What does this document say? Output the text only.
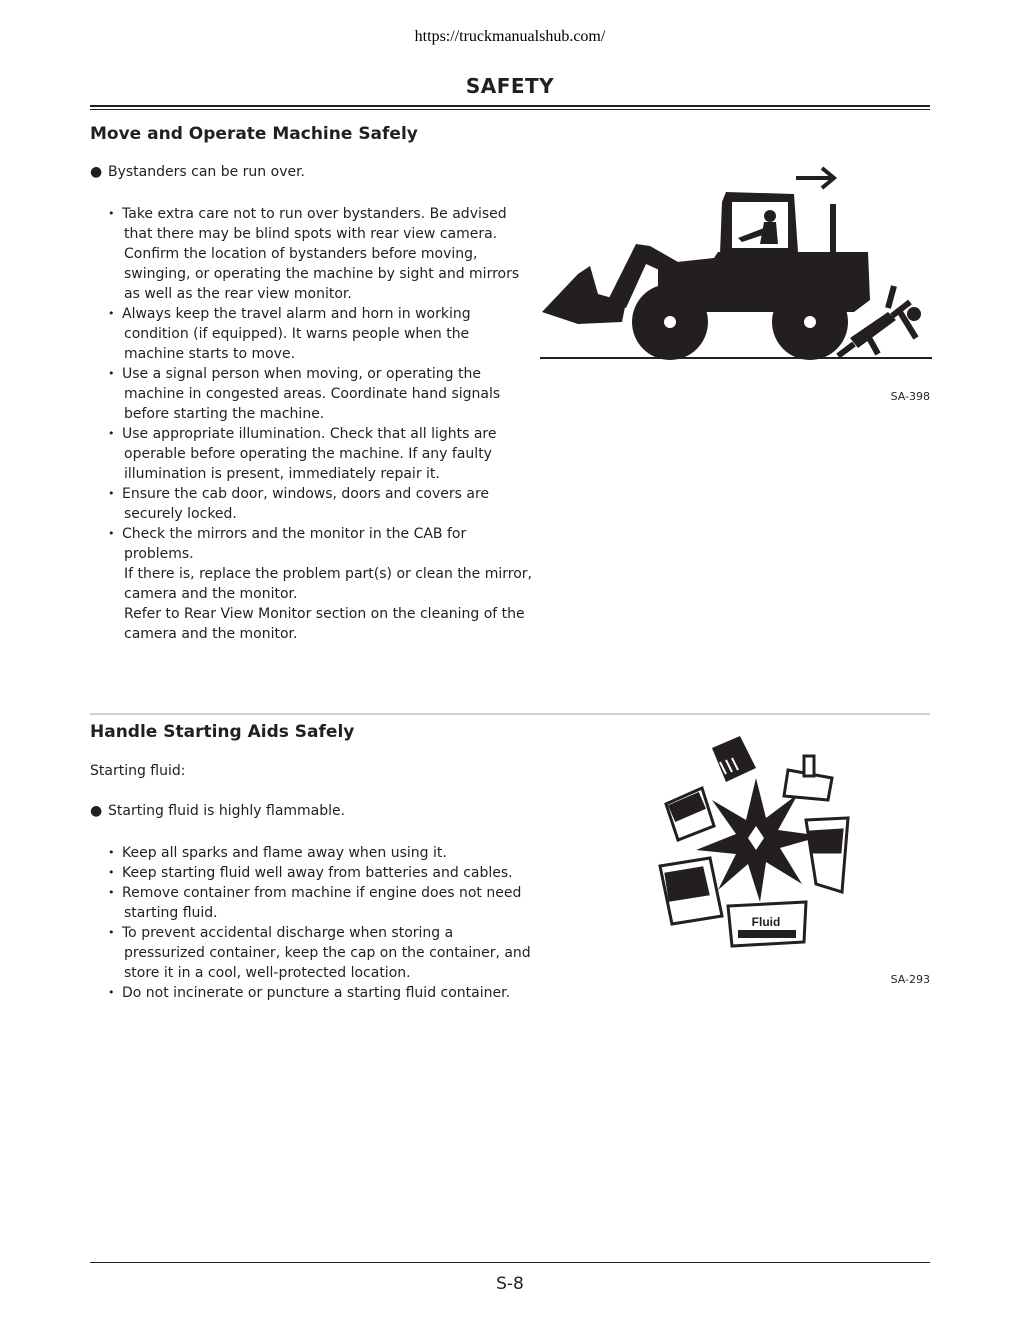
https://truckmanualshub.com/
SAFETY
Move and Operate Machine Safely
● Bystanders can be run over.
• Take extra care not to run over bystanders. Be advised
that there may be blind spots with rear view camera.
Confirm the location of bystanders before moving,
swinging, or operating the machine by sight and mirrors
as well as the rear view monitor.
• Always keep the travel alarm and horn in working
condition (if equipped). It warns people when the
machine starts to move.
• Use a signal person when moving, or operating the
machine in congested areas. Coordinate hand signals
before starting the machine.
• Use appropriate illumination. Check that all lights are
operable before operating the machine. If any faulty
illumination is present, immediately repair it.
• Ensure the cab door, windows, doors and covers are
securely locked.
• Check the mirrors and the monitor in the CAB for
problems.
If there is, replace the problem part(s) or clean the mirror,
camera and the monitor.
Refer to Rear View Monitor section on the cleaning of the
camera and the monitor.
SA-398
Handle Starting Aids Safely
Starting fluid:
● Starting fluid is highly flammable.
• Keep all sparks and flame away when using it.
• Keep starting fluid well away from batteries and cables.
• Remove container from machine if engine does not need
starting fluid.
• To prevent accidental discharge when storing a
pressurized container, keep the cap on the container, and
store it in a cool, well-protected location.
• Do not incinerate or puncture a starting fluid container.
Fluid
SA-293
S-8
